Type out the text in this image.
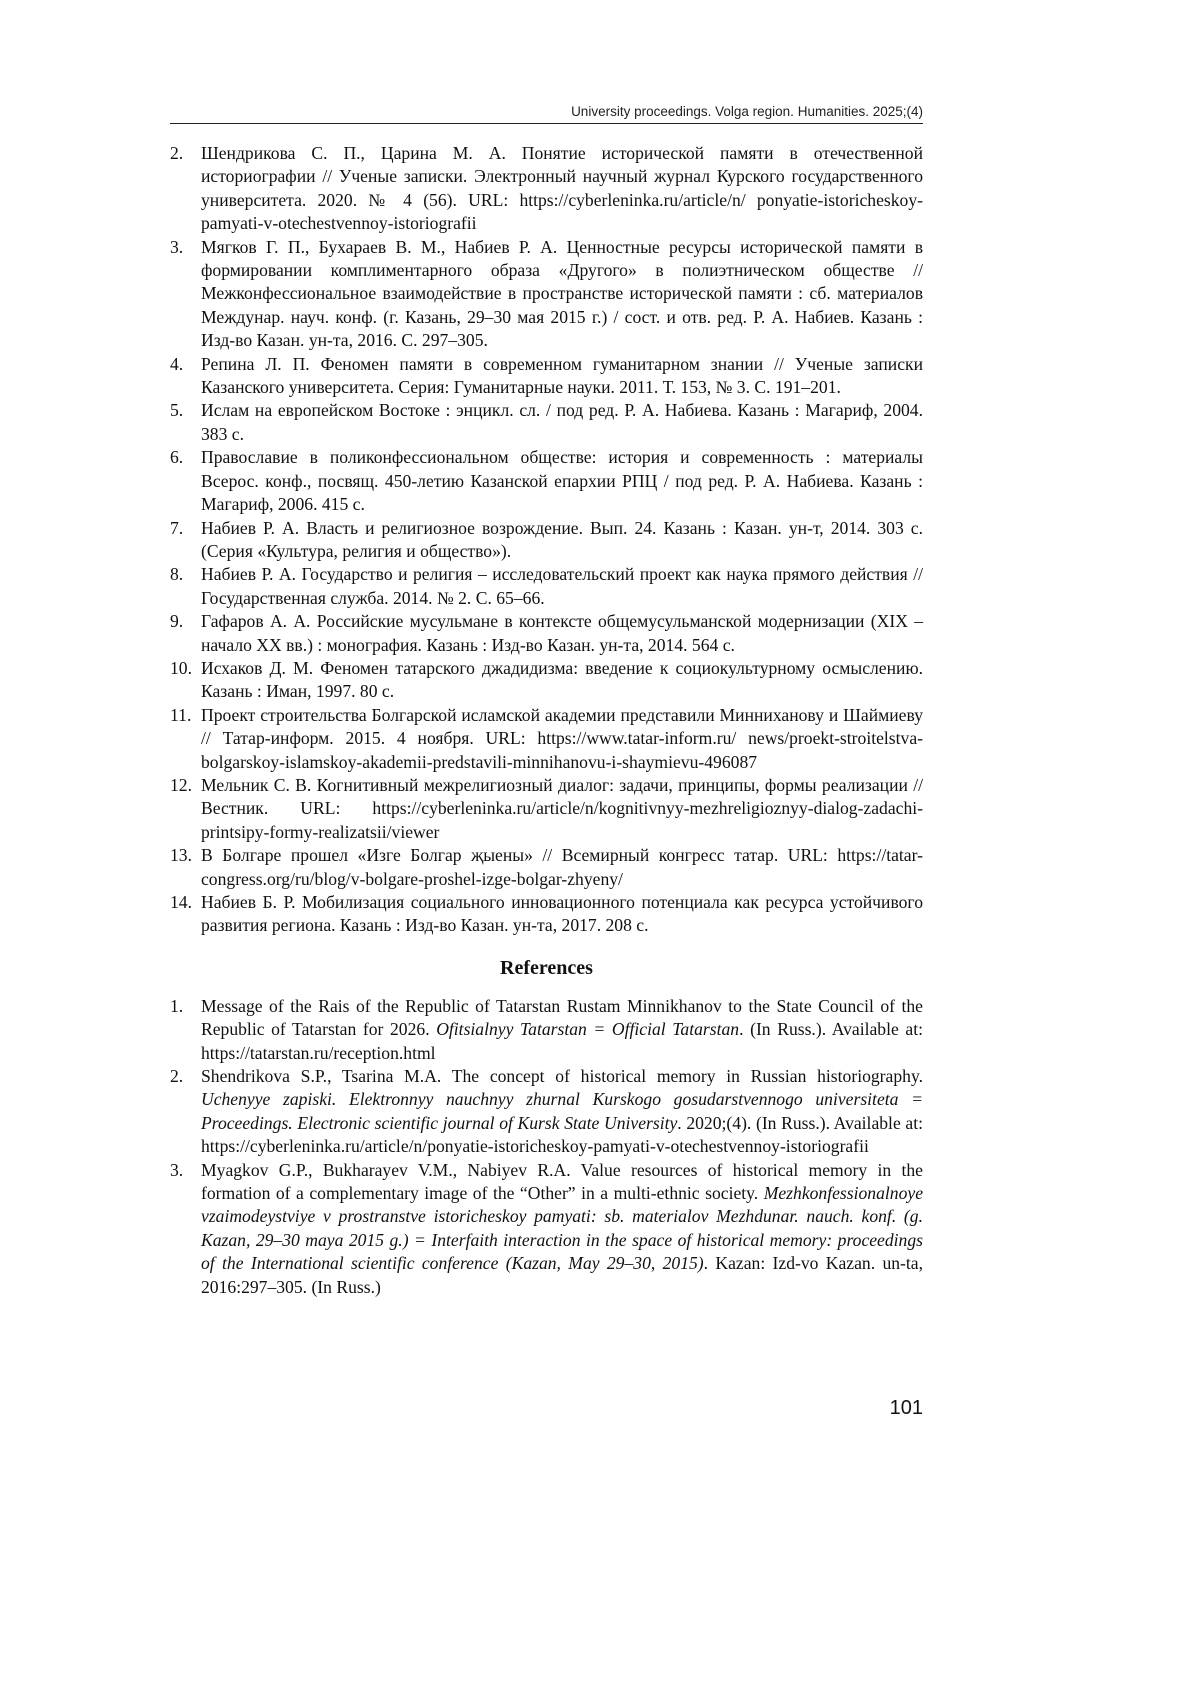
University proceedings. Volga region. Humanities. 2025;(4)
2. Шендрикова С. П., Царина М. А. Понятие исторической памяти в отечественной историографии // Ученые записки. Электронный научный журнал Курского государственного университета. 2020. № 4 (56). URL: https://cyberleninka.ru/article/n/ ponyatie-istoricheskoy-pamyati-v-otechestvennoy-istoriografii
3. Мягков Г. П., Бухараев В. М., Набиев Р. А. Ценностные ресурсы исторической памяти в формировании комплиментарного образа «Другого» в полиэтническом обществе // Межконфессиональное взаимодействие в пространстве исторической памяти : сб. материалов Междунар. науч. конф. (г. Казань, 29–30 мая 2015 г.) / сост. и отв. ред. Р. А. Набиев. Казань : Изд-во Казан. ун-та, 2016. С. 297–305.
4. Репина Л. П. Феномен памяти в современном гуманитарном знании // Ученые записки Казанского университета. Серия: Гуманитарные науки. 2011. Т. 153, № 3. С. 191–201.
5. Ислам на европейском Востоке : энцикл. сл. / под ред. Р. А. Набиева. Казань : Магариф, 2004. 383 с.
6. Православие в поликонфессиональном обществе: история и современность : материалы Всерос. конф., посвящ. 450-летию Казанской епархии РПЦ / под ред. Р. А. Набиева. Казань : Магариф, 2006. 415 с.
7. Набиев Р. А. Власть и религиозное возрождение. Вып. 24. Казань : Казан. ун-т, 2014. 303 с. (Серия «Культура, религия и общество»).
8. Набиев Р. А. Государство и религия – исследовательский проект как наука прямого действия // Государственная служба. 2014. № 2. С. 65–66.
9. Гафаров А. А. Российские мусульмане в контексте общемусульманской модернизации (XIX – начало XX вв.) : монография. Казань : Изд-во Казан. ун-та, 2014. 564 с.
10. Исхаков Д. М. Феномен татарского джадидизма: введение к социокультурному осмыслению. Казань : Иман, 1997. 80 с.
11. Проект строительства Болгарской исламской академии представили Минниханову и Шаймиеву // Татар-информ. 2015. 4 ноября. URL: https://www.tatar-inform.ru/ news/proekt-stroitelstva-bolgarskoy-islamskoy-akademii-predstavili-minnihanovu-i-shaymievu-496087
12. Мельник С. В. Когнитивный межрелигиозный диалог: задачи, принципы, формы реализации // Вестник. URL: https://cyberleninka.ru/article/n/kognitivnyy-mezhreligioznyy-dialog-zadachi-printsipy-formy-realizatsii/viewer
13. В Болгаре прошел «Изге Болгар җыены» // Всемирный конгресс татар. URL: https://tatar-congress.org/ru/blog/v-bolgare-proshel-izge-bolgar-zhyeny/
14. Набиев Б. Р. Мобилизация социального инновационного потенциала как ресурса устойчивого развития региона. Казань : Изд-во Казан. ун-та, 2017. 208 с.
References
1. Message of the Rais of the Republic of Tatarstan Rustam Minnikhanov to the State Council of the Republic of Tatarstan for 2026. Ofitsialnyy Tatarstan = Official Tatarstan. (In Russ.). Available at: https://tatarstan.ru/reception.html
2. Shendrikova S.P., Tsarina M.A. The concept of historical memory in Russian historiography. Uchenyye zapiski. Elektronnyy nauchnyy zhurnal Kurskogo gosudarstvennogo universiteta = Proceedings. Electronic scientific journal of Kursk State University. 2020;(4). (In Russ.). Available at: https://cyberleninka.ru/article/n/ponyatie-istoricheskoy-pamyati-v-otechestvennoy-istoriografii
3. Myagkov G.P., Bukharayev V.M., Nabiyev R.A. Value resources of historical memory in the formation of a complementary image of the “Other” in a multi-ethnic society. Mezhkonfessionalnoye vzaimodeystviye v prostranstve istoricheskoy pamyati: sb. materialov Mezhdunar. nauch. konf. (g. Kazan, 29–30 maya 2015 g.) = Interfaith interaction in the space of historical memory: proceedings of the International scientific conference (Kazan, May 29–30, 2015). Kazan: Izd-vo Kazan. un-ta, 2016:297–305. (In Russ.)
101
